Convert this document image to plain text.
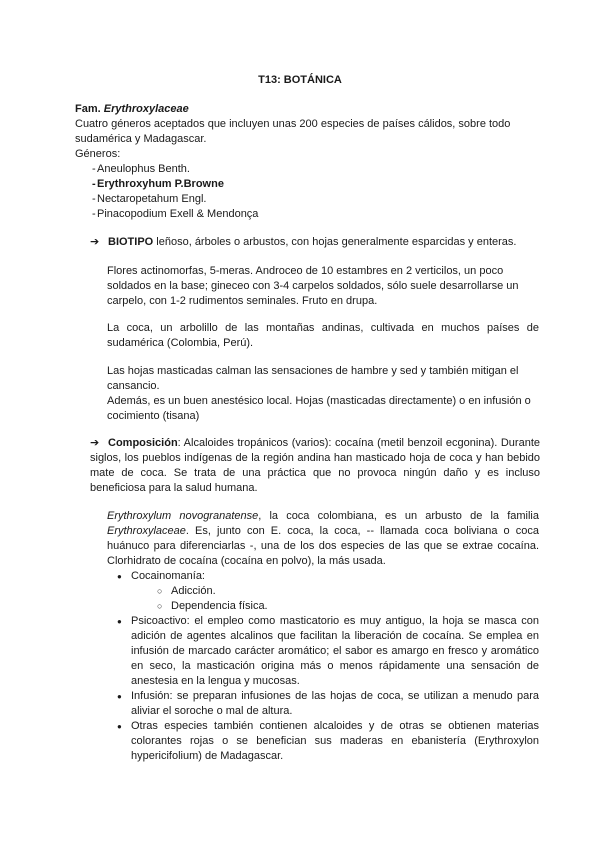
T13: BOTÁNICA
Fam. Erythroxylaceae
Cuatro géneros aceptados que incluyen unas 200 especies de países cálidos, sobre todo sudamérica y Madagascar.
Géneros:
- Aneulophus Benth.
- Erythroxyhum P.Browne
- Nectaropetahum Engl.
- Pinacopodium Exell & Mendonça
➔ BIOTIPO leñoso, árboles o arbustos, con hojas generalmente esparcidas y enteras.
Flores actinomorfas, 5-meras. Androceo de 10 estambres en 2 verticilos, un poco soldados en la base; gineceo con 3-4 carpelos soldados, sólo suele desarrollarse un carpelo, con 1-2 rudimentos seminales. Fruto en drupa.
La coca, un arbolillo de las montañas andinas, cultivada en muchos países de sudamérica (Colombia, Perú).
Las hojas masticadas calman las sensaciones de hambre y sed y también mitigan el cansancio.
Además, es un buen anestésico local. Hojas (masticadas directamente) o en infusión o cocimiento (tisana)
➔ Composición: Alcaloides tropánicos (varios): cocaína (metil benzoil ecgonina). Durante siglos, los pueblos indígenas de la región andina han masticado hoja de coca y han bebido mate de coca. Se trata de una práctica que no provoca ningún daño y es incluso beneficiosa para la salud humana.
Erythroxylum novogranatense, la coca colombiana, es un arbusto de la familia Erythroxylaceae. Es, junto con E. coca, la coca, -- llamada coca boliviana o coca huánuco para diferenciarlas -, una de los dos especies de las que se extrae cocaína. Clorhidrato de cocaína (cocaína en polvo), la más usada.
● Cocainomanía:
○ Adicción.
○ Dependencia física.
● Psicoactivo: el empleo como masticatorio es muy antiguo, la hoja se masca con adición de agentes alcalinos que facilitan la liberación de cocaína. Se emplea en infusión de marcado carácter aromático; el sabor es amargo en fresco y aromático en seco, la masticación origina más o menos rápidamente una sensación de anestesia en la lengua y mucosas.
● Infusión: se preparan infusiones de las hojas de coca, se utilizan a menudo para aliviar el soroche o mal de altura.
● Otras especies también contienen alcaloides y de otras se obtienen materias colorantes rojas o se benefician sus maderas en ebanistería (Erythroxylon hypericifolium) de Madagascar.
